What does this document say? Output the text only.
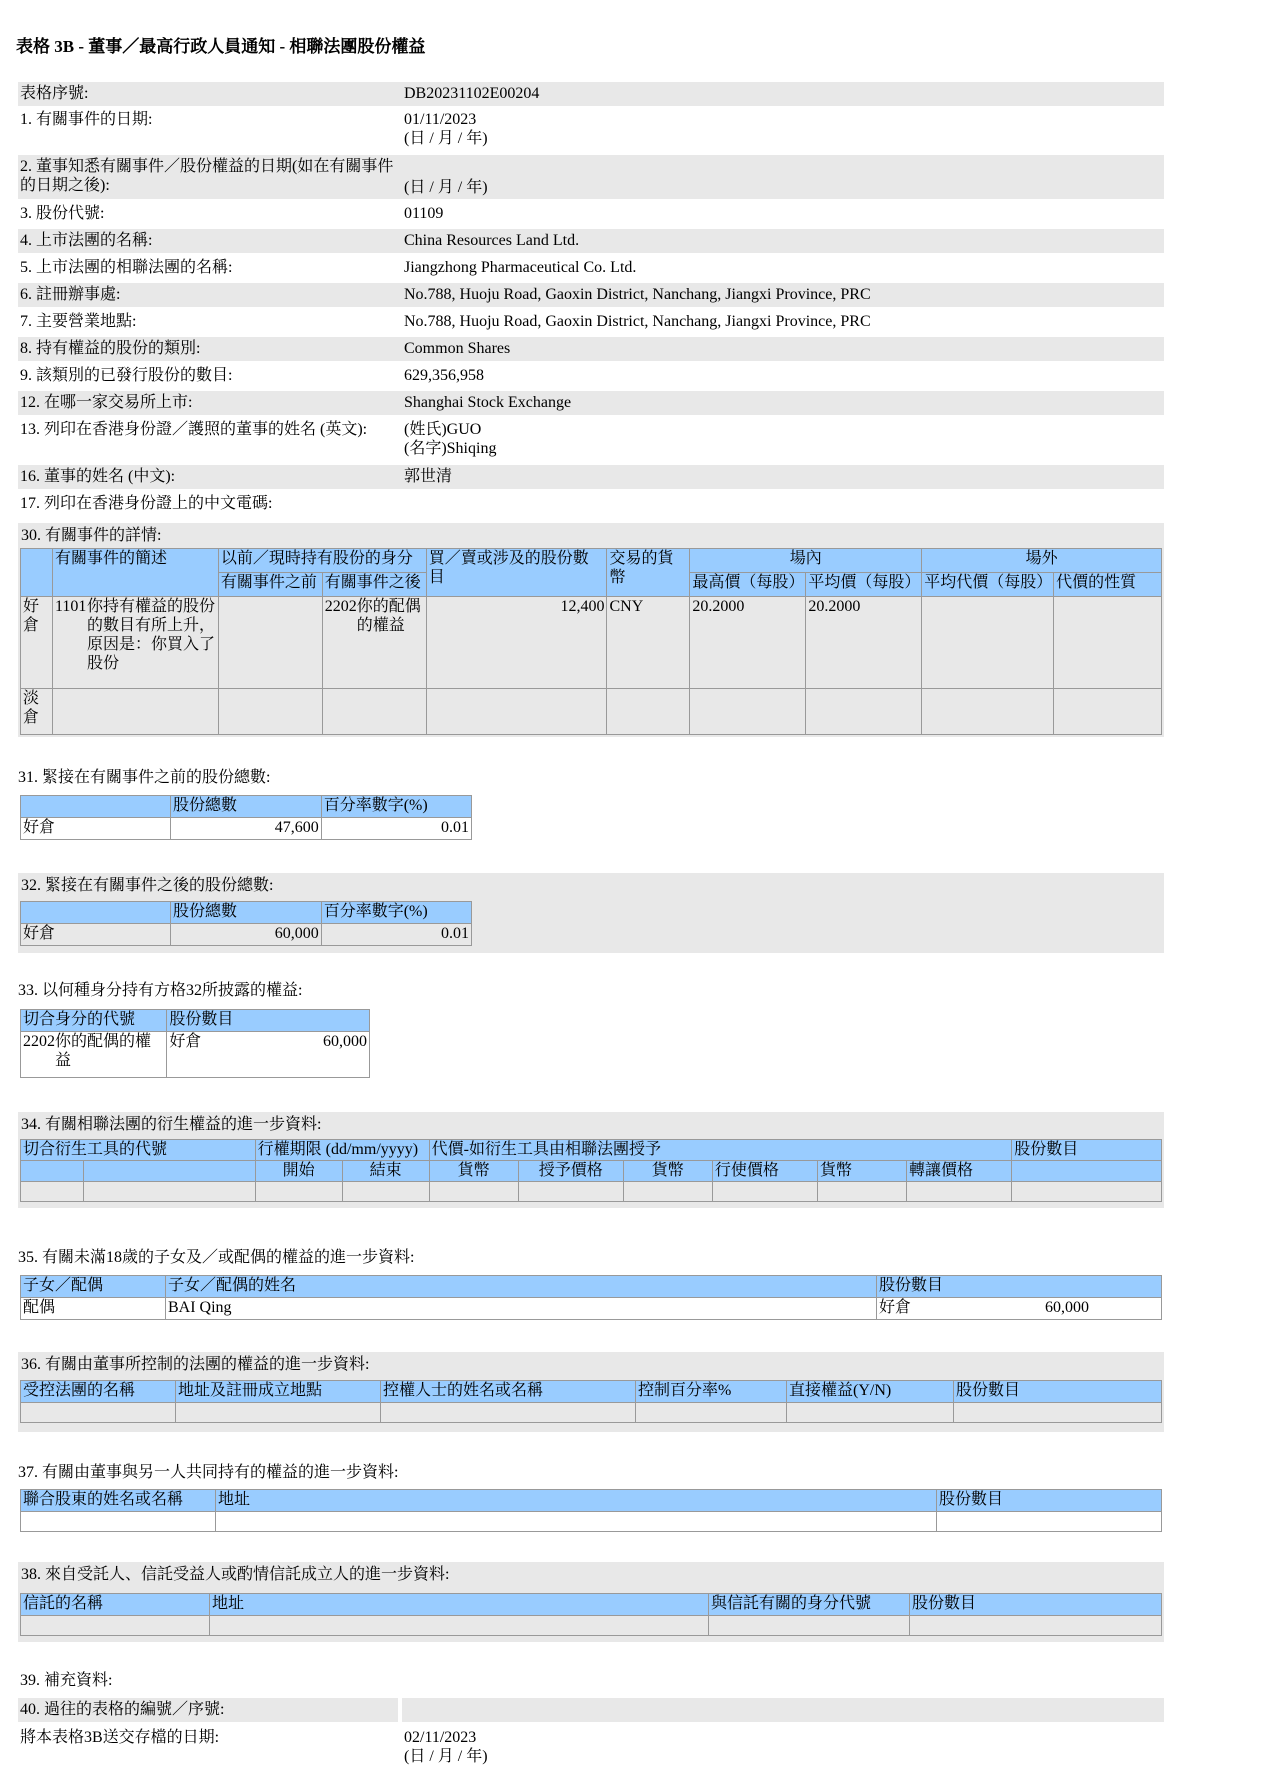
表格 3B - 董事／最高行政人員通知 - 相聯法團股份權益
表格序號:	DB20231102E00204
1. 有關事件的日期:	01/11/2023
(日 / 月 / 年)
2. 董事知悉有關事件／股份權益的日期(如在有關事件的日期之後):	(日 / 月 / 年)
3. 股份代號:	01109
4. 上市法團的名稱:	China Resources Land Ltd.
5. 上市法團的相聯法團的名稱:	Jiangzhong Pharmaceutical Co. Ltd.
6. 註冊辦事處:	No.788, Huoju Road, Gaoxin District, Nanchang, Jiangxi Province, PRC
7. 主要營業地點:	No.788, Huoju Road, Gaoxin District, Nanchang, Jiangxi Province, PRC
8. 持有權益的股份的類別:	Common Shares
9. 該類別的已發行股份的數目:	629,356,958
12. 在哪一家交易所上市:	Shanghai Stock Exchange
13. 列印在香港身份證／護照的董事的姓名 (英文):	(姓氏)GUO
(名字)Shiqing
16. 董事的姓名 (中文):	郭世清
17. 列印在香港身份證上的中文電碼:
30. 有關事件的詳情:
	有關事件的簡述	以前／現時持有股份的身分		買／賣或涉及的股份數目	交易的貨幣	場內		場外	
		有關事件之前	有關事件之後			最高價（每股）	平均價（每股）	平均代價（每股）	代價的性質
好倉	1101你持有權益的股份的數目有所上升，原因是：你買入了股份		2202你的配偶的權益	12,400	CNY	20.2000	20.2000		
淡倉									
31. 緊接在有關事件之前的股份總數:
	股份總數	百分率數字(%)
好倉	47,600	0.01
32. 緊接在有關事件之後的股份總數:
	股份總數	百分率數字(%)
好倉	60,000	0.01
33. 以何種身分持有方格32所披露的權益:
切合身分的代號	股份數目
2202你的配偶的權益	好倉 60,000
34. 有關相聯法團的衍生權益的進一步資料:
切合衍生工具的代號		行權期限 (dd/mm/yyyy)		代價-如衍生工具由相聯法團授予						股份數目
		開始	結束	貨幣	授予價格	貨幣	行使價格	貨幣	轉讓價格	

35. 有關未滿18歲的子女及／或配偶的權益的進一步資料:
子女／配偶	子女／配偶的姓名	股份數目
配偶	BAI Qing	好倉 60,000
36. 有關由董事所控制的法團的權益的進一步資料:
受控法團的名稱	地址及註冊成立地點	控權人士的姓名或名稱	控制百分率%	直接權益(Y/N)	股份數目

37. 有關由董事與另一人共同持有的權益的進一步資料:
聯合股東的姓名或名稱	地址	股份數目

38. 來自受託人、信託受益人或酌情信託成立人的進一步資料:
信託的名稱	地址	與信託有關的身分代號	股份數目

39. 補充資料:
40. 過往的表格的編號／序號:
將本表格3B送交存檔的日期:	02/11/2023
(日 / 月 / 年)
